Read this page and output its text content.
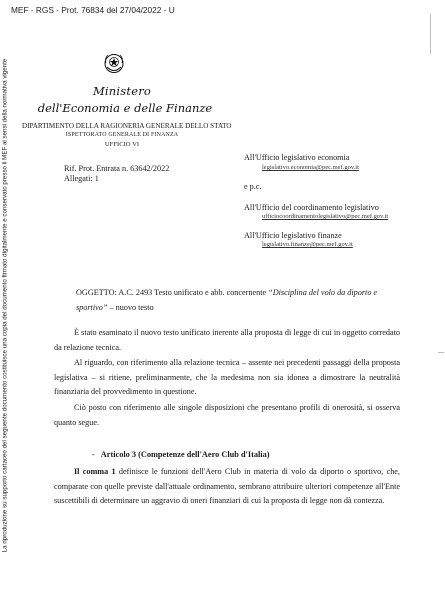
MEF - RGS - Prot. 76834 del 27/04/2022 - U
La riproduzione su supporto cartaceo del seguente documento costituisce una copia del documento firmato digitalmente e conservato presso il MEF ai sensi della normativa vigente	Ministero
dell'Economia e delle Finanze
DIPARTIMENTO DELLA RAGIONERIA GENERALE DELLO STATO
ISPETTORATO GENERALE DI FINANZA
UFFICIO VI
Rif. Prot. Entrata n. 63642/2022
Allegati: 1
All'Ufficio legislativo economia
legislativo.economia@pec.mef.gov.it
e p.c.
All'Ufficio del coordinamento legislativo
ufficiocoordinamentolegislativo@pec.mef.gov.it
All'Ufficio legislativo finanze
legislativo.finanze@pec.mef.gov.it
OGGETTO: A.C. 2493 Testo unificato e abb. concernente “Disciplina del volo da diporto e sportivo” – nuovo testo
È stato esaminato il nuovo testo unificato inerente alla proposta di legge di cui in oggetto corredato da relazione tecnica.
Al riguardo, con riferimento alla relazione tecnica – assente nei precedenti passaggi della proposta legislativa – si ritiene, preliminarmente, che la medesima non sia idonea a dimostrare la neutralità finanziaria del provvedimento in questione.
Ciò posto con riferimento alle singole disposizioni che presentano profili di onerosità, si osserva quanto segue.
- Articolo 3 (Competenze dell'Aero Club d'Italia)
Il comma 1 definisce le funzioni dell'Aero Club in materia di volo da diporto o sportivo, che, comparate con quelle previste dall'attuale ordinamento, sembrano attribuire ulteriori competenze all'Ente suscettibili di determinare un aggravio di oneri finanziari di cui la proposta di legge non dà contezza.
